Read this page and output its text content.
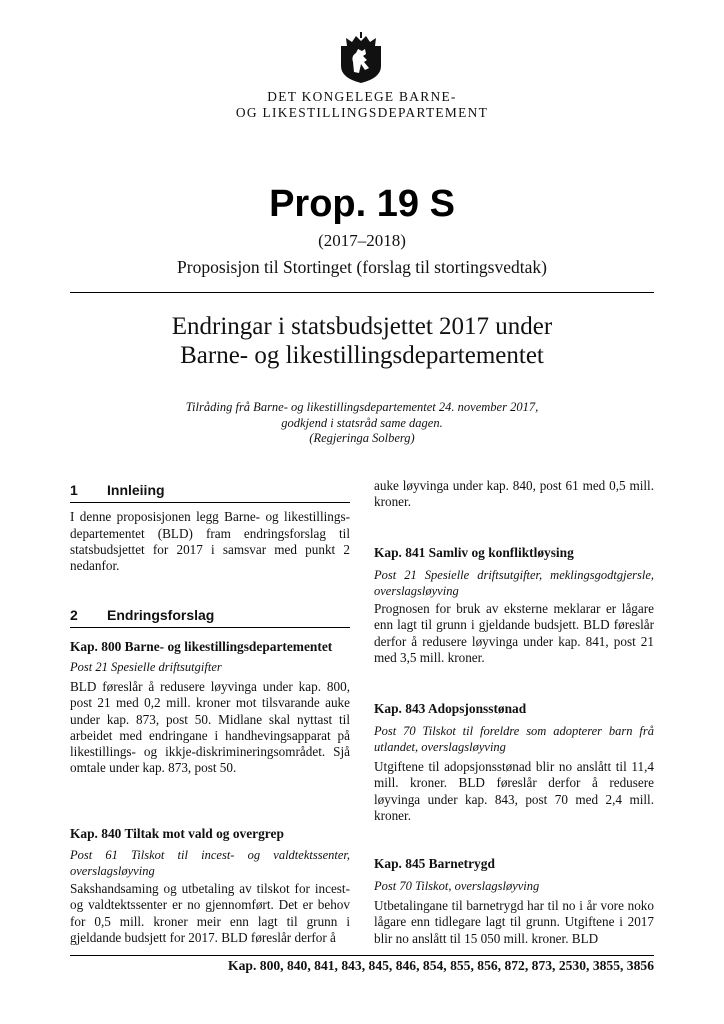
DET KONGELEGE BARNE-
OG LIKESTILLINGSDEPARTEMENT
Prop. 19 S
(2017–2018)
Proposisjon til Stortinget (forslag til stortingsvedtak)
Endringar i statsbudsjettet 2017 under
Barne- og likestillingsdepartementet
Tilråding frå Barne- og likestillingsdepartementet 24. november 2017,
godkjend i statsråd same dagen.
(Regjeringa Solberg)
1	Innleiing
I denne proposisjonen legg Barne- og likestillings-departementet (BLD) fram endringsforslag til statsbudsjettet for 2017 i samsvar med punkt 2 nedanfor.
2	Endringsforslag
Kap. 800 Barne- og likestillingsdepartementet
Post 21 Spesielle driftsutgifter
BLD føreslår å redusere løyvinga under kap. 800, post 21 med 0,2 mill. kroner mot tilsvarande auke under kap. 873, post 50. Midlane skal nyttast til arbeidet med endringane i handhevingsapparat på likestillings- og ikkje-diskrimineringsområdet. Sjå omtale under kap. 873, post 50.
Kap. 840 Tiltak mot vald og overgrep
Post 61 Tilskot til incest- og valdtektssenter, overslagsløyving
Sakshandsaming og utbetaling av tilskot for incest- og valdtektssenter er no gjennomført. Det er behov for 0,5 mill. kroner meir enn lagt til grunn i gjeldande budsjett for 2017. BLD føreslår derfor å
auke løyvinga under kap. 840, post 61 med 0,5 mill. kroner.
Kap. 841 Samliv og konfliktløysing
Post 21 Spesielle driftsutgifter, meklingsgodtgjersle, overslagsløyving
Prognosen for bruk av eksterne meklarar er lågare enn lagt til grunn i gjeldande budsjett. BLD føreslår derfor å redusere løyvinga under kap. 841, post 21 med 3,5 mill. kroner.
Kap. 843 Adopsjonsstønad
Post 70 Tilskot til foreldre som adopterer barn frå utlandet, overslagsløyving
Utgiftene til adopsjonsstønad blir no anslått til 11,4 mill. kroner. BLD føreslår derfor å redusere løyvinga under kap. 843, post 70 med 2,4 mill. kroner.
Kap. 845 Barnetrygd
Post 70 Tilskot, overslagsløyving
Utbetalingane til barnetrygd har til no i år vore noko lågare enn tidlegare lagt til grunn. Utgiftene i 2017 blir no anslått til 15 050 mill. kroner. BLD
Kap. 800, 840, 841, 843, 845, 846, 854, 855, 856, 872, 873, 2530, 3855, 3856
